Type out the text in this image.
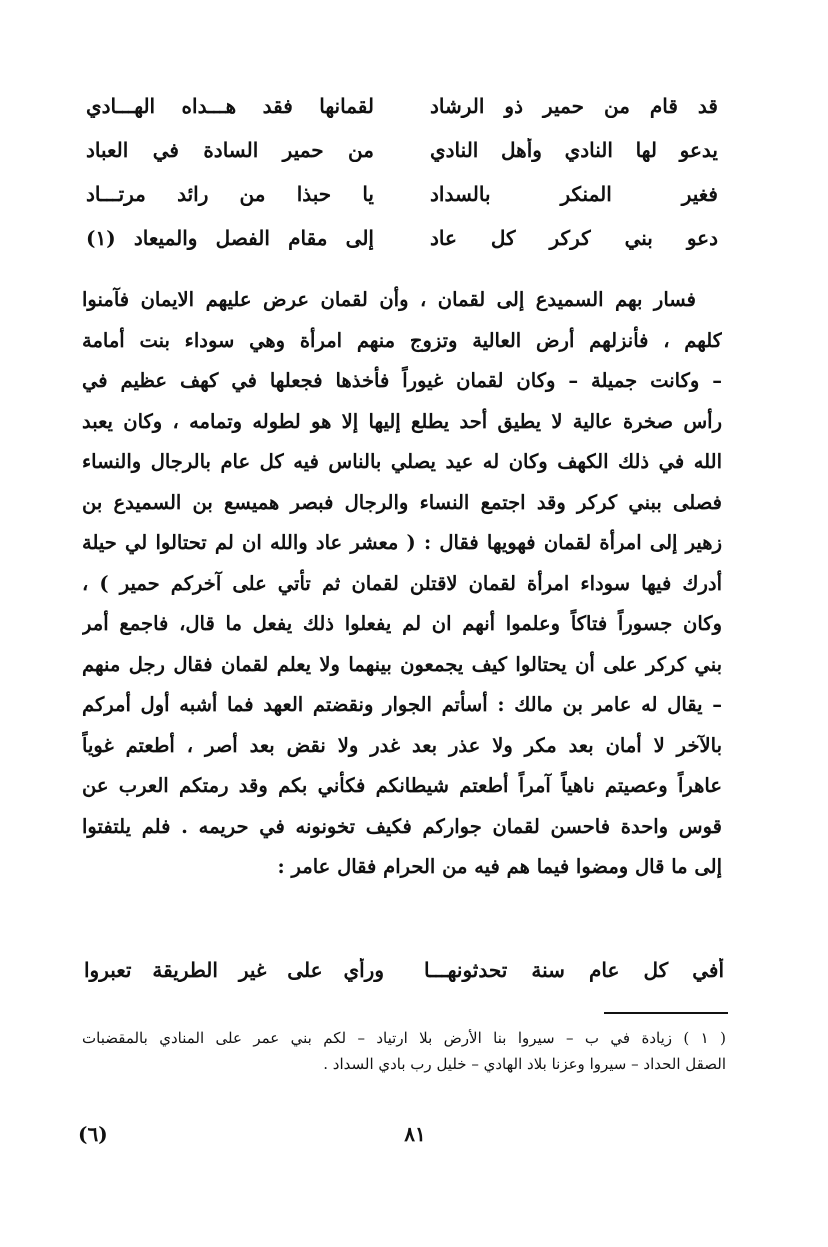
قد قام من حمير ذو الرشاد
لقمانها فقد هـــداه الهـــادي
يدعو لها النادي وأهل النادي
من حمير السادة في العباد
فغير المنكر بالسداد
يا حبذا من رائد مرتـــاد
دعو بني كركر كل عاد
إلى مقام الفصل والميعاد (١)
فسار بهم السميدع إلى لقمان ، وأن لقمان عرض عليهم الايمان فآمنوا
كلهم ، فأنزلهم أرض العالية وتزوج منهم امرأة وهي سوداء بنت أمامة
– وكانت جميلة – وكان لقمان غيوراً فأخذها فجعلها في كهف عظيم في
رأس صخرة عالية لا يطيق أحد يطلع إليها إلا هو لطوله وتمامه ، وكان يعبد
الله في ذلك الكهف وكان له عيد يصلي بالناس فيه كل عام بالرجال والنساء
فصلى ببني كركر وقد اجتمع النساء والرجال فبصر هميسع بن السميدع بن
زهير إلى امرأة لقمان فهويها فقال : ( معشر عاد والله ان لم تحتالوا لي حيلة
أدرك فيها سوداء امرأة لقمان لاقتلن لقمان ثم تأتي على آخركم حمير ) ،
وكان جسوراً فتاكاً وعلموا أنهم ان لم يفعلوا ذلك يفعل ما قال، فاجمع أمر
بني كركر على أن يحتالوا كيف يجمعون بينهما ولا يعلم لقمان فقال رجل منهم
– يقال له عامر بن مالك : أسأتم الجوار ونقضتم العهد فما أشبه أول أمركم
بالآخر لا أمان بعد مكر ولا عذر بعد غدر ولا نقض بعد أصر ، أطعتم غوياً
عاهراً وعصيتم ناهياً آمراً أطعتم شيطانكم فكأني بكم وقد رمتكم العرب عن
قوس واحدة فاحسن لقمان جواركم فكيف تخونونه في حريمه . فلم يلتفتوا
إلى ما قال ومضوا فيما هم فيه من الحرام فقال عامر :
أفي كل عام سنة تحدثونهـــا
ورأي على غير الطريقة تعبروا
( ١ ) زيادة في ب – سيروا بنا الأرض بلا ارتياد – لكم بني عمر على المنادي بالمقضبات
الصقل الحداد – سيروا وعزنا بلاد الهادي – خليل رب بادي السداد .
٨١
(٦)
